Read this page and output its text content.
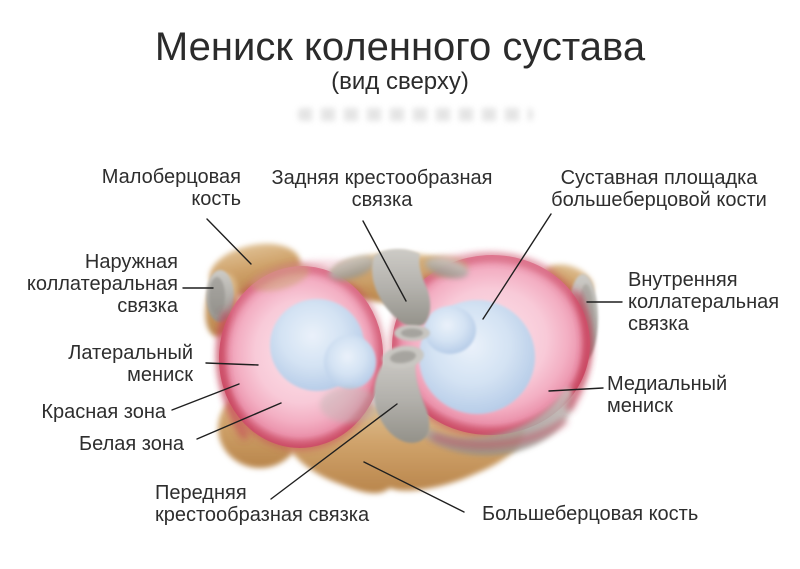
Мениск коленного сустава
(вид сверху)
Малоберцовая
кость
Задняя крестообразная
связка
Суставная площадка
большеберцовой кости
Наружная
коллатеральная
связка
Латеральный
мениск
Красная зона
Белая зона
Передняя
крестообразная связка	Большеберцовая кость
Внутренняя
коллатеральная
связка
Медиальный
мениск
